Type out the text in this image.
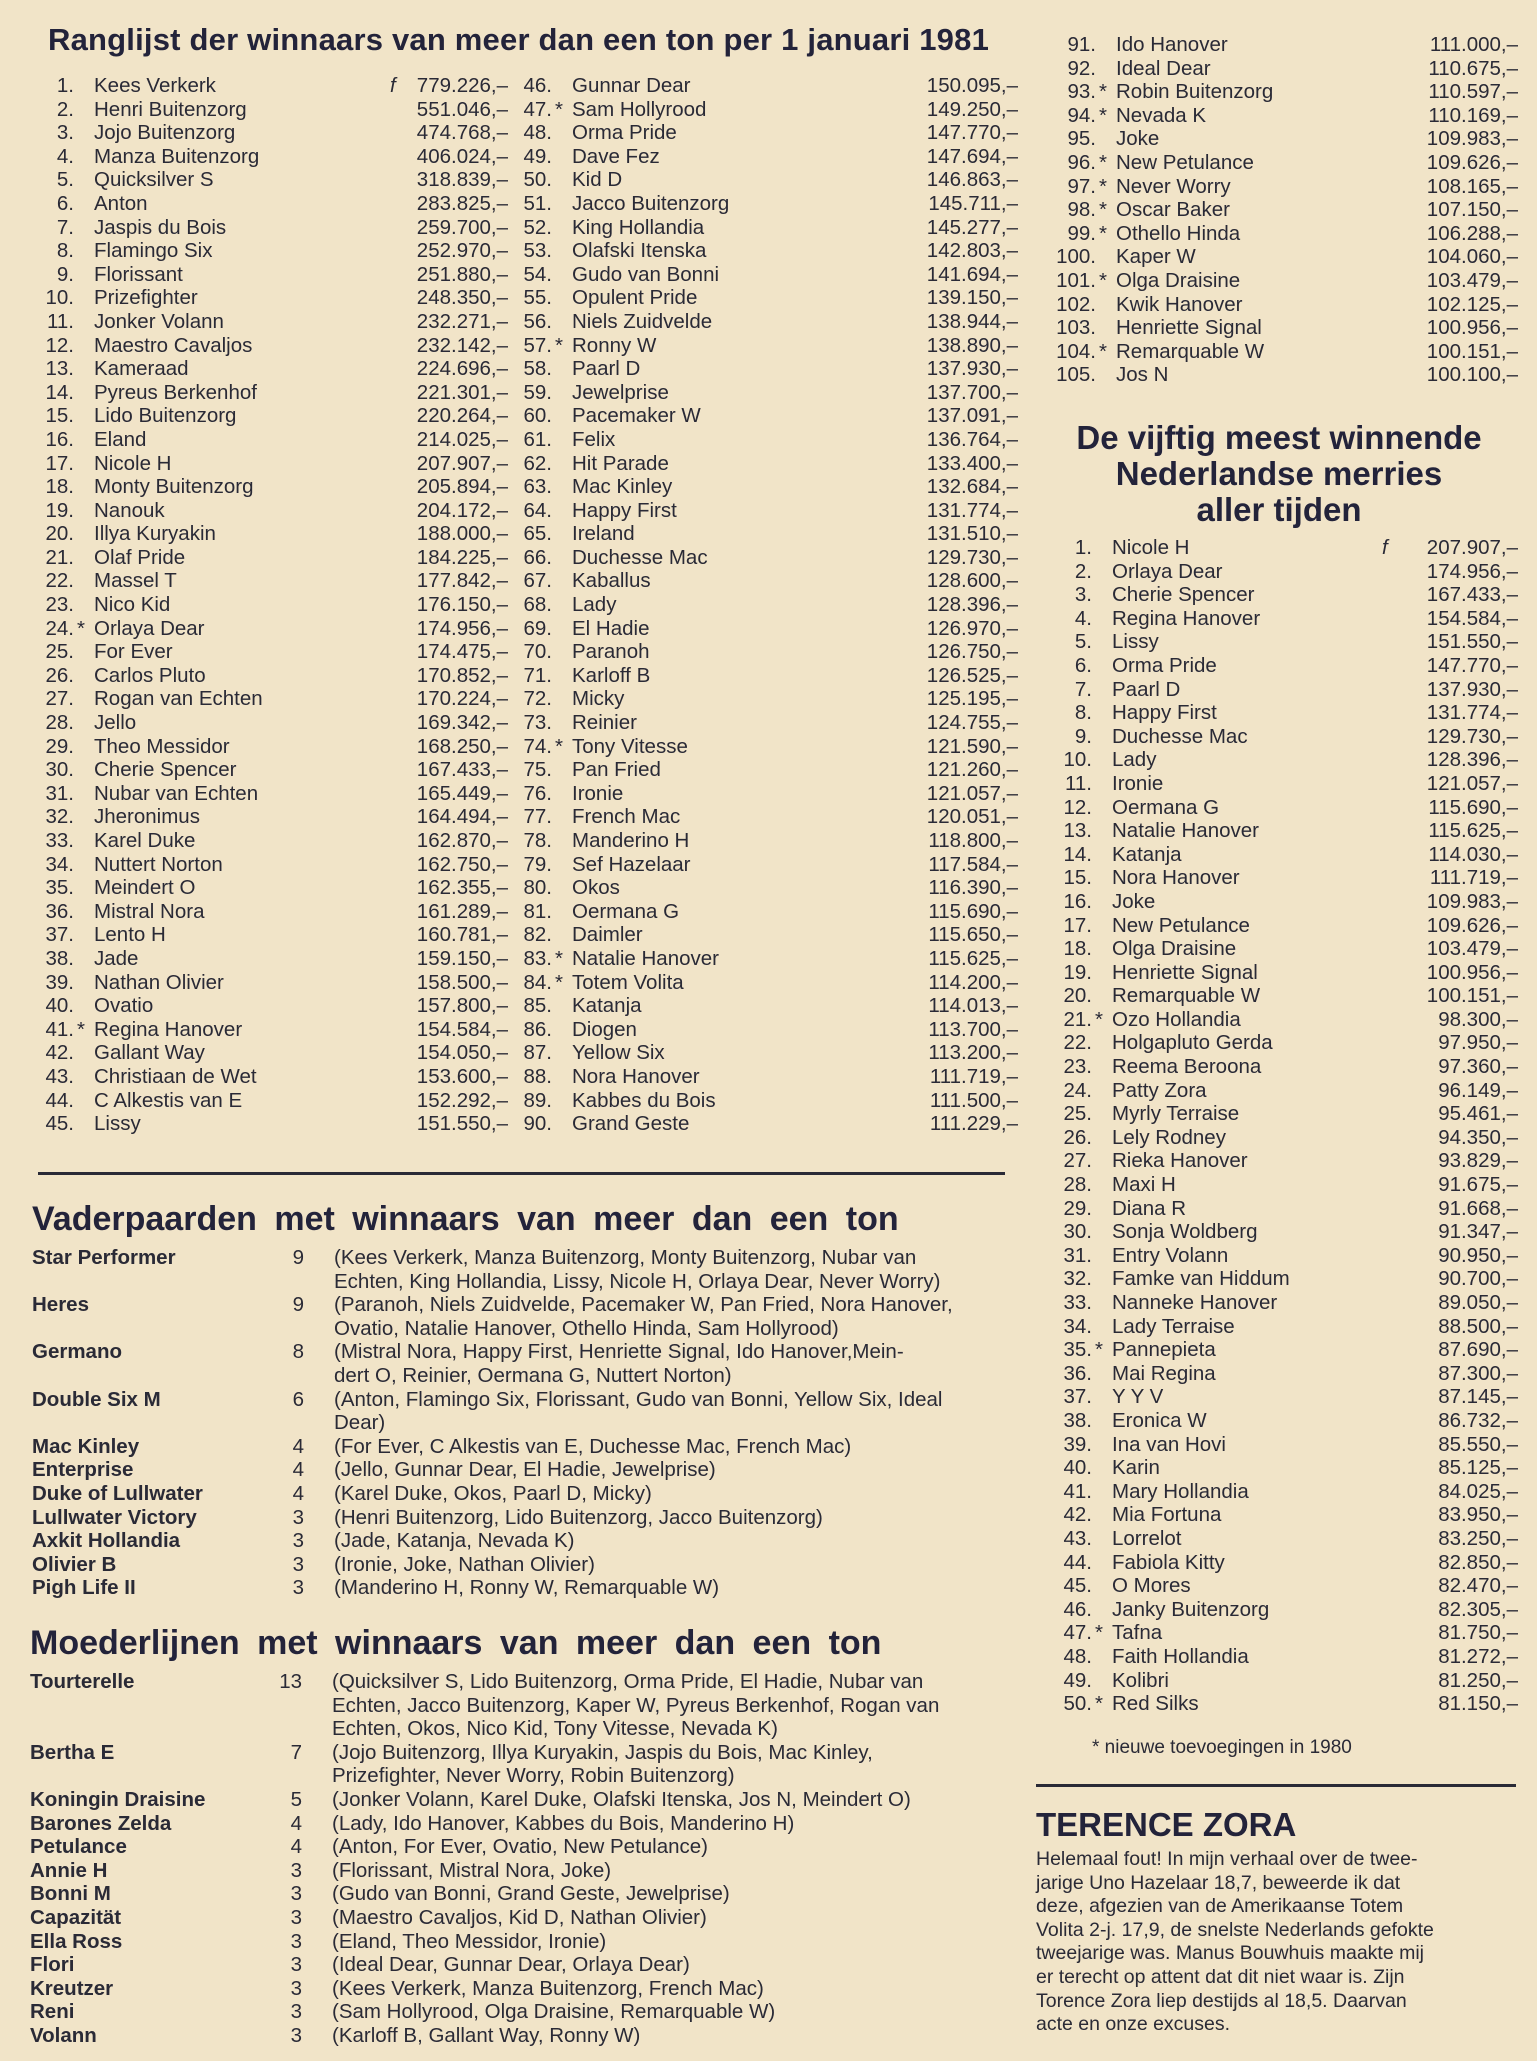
Ranglijst der winnaars van meer dan een ton per 1 januari 1981
1. Kees Verkerk	f 779.226,–
2. Henri Buitenzorg	551.046,–
3. Jojo Buitenzorg	474.768,–
4. Manza Buitenzorg	406.024,–
5. Quicksilver S	318.839,–
6. Anton	283.825,–
7. Jaspis du Bois	259.700,–
8. Flamingo Six	252.970,–
9. Florissant	251.880,–
10. Prizefighter	248.350,–
11. Jonker Volann	232.271,–
12. Maestro Cavaljos	232.142,–
13. Kameraad	224.696,–
14. Pyreus Berkenhof	221.301,–
15. Lido Buitenzorg	220.264,–
16. Eland	214.025,–
17. Nicole H	207.907,–
18. Monty Buitenzorg	205.894,–
19. Nanouk	204.172,–
20. Illya Kuryakin	188.000,–
21. Olaf Pride	184.225,–
22. Massel T	177.842,–
23. Nico Kid	176.150,–
24. * Orlaya Dear	174.956,–
25. For Ever	174.475,–
26. Carlos Pluto	170.852,–
27. Rogan van Echten	170.224,–
28. Jello	169.342,–
29. Theo Messidor	168.250,–
30. Cherie Spencer	167.433,–
31. Nubar van Echten	165.449,–
32. Jheronimus	164.494,–
33. Karel Duke	162.870,–
34. Nuttert Norton	162.750,–
35. Meindert O	162.355,–
36. Mistral Nora	161.289,–
37. Lento H	160.781,–
38. Jade	159.150,–
39. Nathan Olivier	158.500,–
40. Ovatio	157.800,–
41. * Regina Hanover	154.584,–
42. Gallant Way	154.050,–
43. Christiaan de Wet	153.600,–
44. C Alkestis van E	152.292,–
45. Lissy	151.550,–
46. Gunnar Dear	150.095,–
47. * Sam Hollyrood	149.250,–
48. Orma Pride	147.770,–
49. Dave Fez	147.694,–
50. Kid D	146.863,–
51. Jacco Buitenzorg	145.711,–
52. King Hollandia	145.277,–
53. Olafski Itenska	142.803,–
54. Gudo van Bonni	141.694,–
55. Opulent Pride	139.150,–
56. Niels Zuidvelde	138.944,–
57. * Ronny W	138.890,–
58. Paarl D	137.930,–
59. Jewelprise	137.700,–
60. Pacemaker W	137.091,–
61. Felix	136.764,–
62. Hit Parade	133.400,–
63. Mac Kinley	132.684,–
64. Happy First	131.774,–
65. Ireland	131.510,–
66. Duchesse Mac	129.730,–
67. Kaballus	128.600,–
68. Lady	128.396,–
69. El Hadie	126.970,–
70. Paranoh	126.750,–
71. Karloff B	126.525,–
72. Micky	125.195,–
73. Reinier	124.755,–
74. * Tony Vitesse	121.590,–
75. Pan Fried	121.260,–
76. Ironie	121.057,–
77. French Mac	120.051,–
78. Manderino H	118.800,–
79. Sef Hazelaar	117.584,–
80. Okos	116.390,–
81. Oermana G	115.690,–
82. Daimler	115.650,–
83. * Natalie Hanover	115.625,–
84. * Totem Volita	114.200,–
85. Katanja	114.013,–
86. Diogen	113.700,–
87. Yellow Six	113.200,–
88. Nora Hanover	111.719,–
89. Kabbes du Bois	111.500,–
90. Grand Geste	111.229,–
91. Ido Hanover	111.000,–
92. Ideal Dear	110.675,–
93. * Robin Buitenzorg	110.597,–
94. * Nevada K	110.169,–
95. Joke	109.983,–
96. * New Petulance	109.626,–
97. * Never Worry	108.165,–
98. * Oscar Baker	107.150,–
99. * Othello Hinda	106.288,–
100. Kaper W	104.060,–
101. * Olga Draisine	103.479,–
102. Kwik Hanover	102.125,–
103. Henriette Signal	100.956,–
104. * Remarquable W	100.151,–
105. Jos N	100.100,–
De vijftig meest winnende
Nederlandse merries
aller tijden
1. Nicole H	f 207.907,–
2. Orlaya Dear	174.956,–
3. Cherie Spencer	167.433,–
4. Regina Hanover	154.584,–
5. Lissy	151.550,–
6. Orma Pride	147.770,–
7. Paarl D	137.930,–
8. Happy First	131.774,–
9. Duchesse Mac	129.730,–
10. Lady	128.396,–
11. Ironie	121.057,–
12. Oermana G	115.690,–
13. Natalie Hanover	115.625,–
14. Katanja	114.030,–
15. Nora Hanover	111.719,–
16. Joke	109.983,–
17. New Petulance	109.626,–
18. Olga Draisine	103.479,–
19. Henriette Signal	100.956,–
20. Remarquable W	100.151,–
21. * Ozo Hollandia	98.300,–
22. Holgapluto Gerda	97.950,–
23. Reema Beroona	97.360,–
24. Patty Zora	96.149,–
25. Myrly Terraise	95.461,–
26. Lely Rodney	94.350,–
27. Rieka Hanover	93.829,–
28. Maxi H	91.675,–
29. Diana R	91.668,–
30. Sonja Woldberg	91.347,–
31. Entry Volann	90.950,–
32. Famke van Hiddum	90.700,–
33. Nanneke Hanover	89.050,–
34. Lady Terraise	88.500,–
35. * Pannepieta	87.690,–
36. Mai Regina	87.300,–
37. Y Y V	87.145,–
38. Eronica W	86.732,–
39. Ina van Hovi	85.550,–
40. Karin	85.125,–
41. Mary Hollandia	84.025,–
42. Mia Fortuna	83.950,–
43. Lorrelot	83.250,–
44. Fabiola Kitty	82.850,–
45. O Mores	82.470,–
46. Janky Buitenzorg	82.305,–
47. * Tafna	81.750,–
48. Faith Hollandia	81.272,–
49. Kolibri	81.250,–
50. * Red Silks	81.150,–
* nieuwe toevoegingen in 1980
Vaderpaarden met winnaars van meer dan een ton
Star Performer	9 (Kees Verkerk, Manza Buitenzorg, Monty Buitenzorg, Nubar van
Echten, King Hollandia, Lissy, Nicole H, Orlaya Dear, Never Worry)
Heres	9 (Paranoh, Niels Zuidvelde, Pacemaker W, Pan Fried, Nora Hanover,
Ovatio, Natalie Hanover, Othello Hinda, Sam Hollyrood)
Germano	8 (Mistral Nora, Happy First, Henriette Signal, Ido Hanover,Mein-
dert O, Reinier, Oermana G, Nuttert Norton)
Double Six M	6 (Anton, Flamingo Six, Florissant, Gudo van Bonni, Yellow Six, Ideal
Dear)
Mac Kinley	4 (For Ever, C Alkestis van E, Duchesse Mac, French Mac)
Enterprise	4 (Jello, Gunnar Dear, El Hadie, Jewelprise)
Duke of Lullwater	4 (Karel Duke, Okos, Paarl D, Micky)
Lullwater Victory	3 (Henri Buitenzorg, Lido Buitenzorg, Jacco Buitenzorg)
Axkit Hollandia	3 (Jade, Katanja, Nevada K)
Olivier B	3 (Ironie, Joke, Nathan Olivier)
Pigh Life II	3 (Manderino H, Ronny W, Remarquable W)
Moederlijnen met winnaars van meer dan een ton
Tourterelle	13 (Quicksilver S, Lido Buitenzorg, Orma Pride, El Hadie, Nubar van
Echten, Jacco Buitenzorg, Kaper W, Pyreus Berkenhof, Rogan van
Echten, Okos, Nico Kid, Tony Vitesse, Nevada K)
Bertha E	7 (Jojo Buitenzorg, Illya Kuryakin, Jaspis du Bois, Mac Kinley,
Prizefighter, Never Worry, Robin Buitenzorg)
Koningin Draisine	5 (Jonker Volann, Karel Duke, Olafski Itenska, Jos N, Meindert O)
Barones Zelda	4 (Lady, Ido Hanover, Kabbes du Bois, Manderino H)
Petulance	4 (Anton, For Ever, Ovatio, New Petulance)
Annie H	3 (Florissant, Mistral Nora, Joke)
Bonni M	3 (Gudo van Bonni, Grand Geste, Jewelprise)
Capazität	3 (Maestro Cavaljos, Kid D, Nathan Olivier)
Ella Ross	3 (Eland, Theo Messidor, Ironie)
Flori	3 (Ideal Dear, Gunnar Dear, Orlaya Dear)
Kreutzer	3 (Kees Verkerk, Manza Buitenzorg, French Mac)
Reni	3 (Sam Hollyrood, Olga Draisine, Remarquable W)
Volann	3 (Karloff B, Gallant Way, Ronny W)
TERENCE ZORA
Helemaal fout! In mijn verhaal over de twee-
jarige Uno Hazelaar 18,7, beweerde ik dat
deze, afgezien van de Amerikaanse Totem
Volita 2-j. 17,9, de snelste Nederlands gefokte
tweejarige was. Manus Bouwhuis maakte mij
er terecht op attent dat dit niet waar is. Zijn
Torence Zora liep destijds al 18,5. Daarvan
acte en onze excuses.
